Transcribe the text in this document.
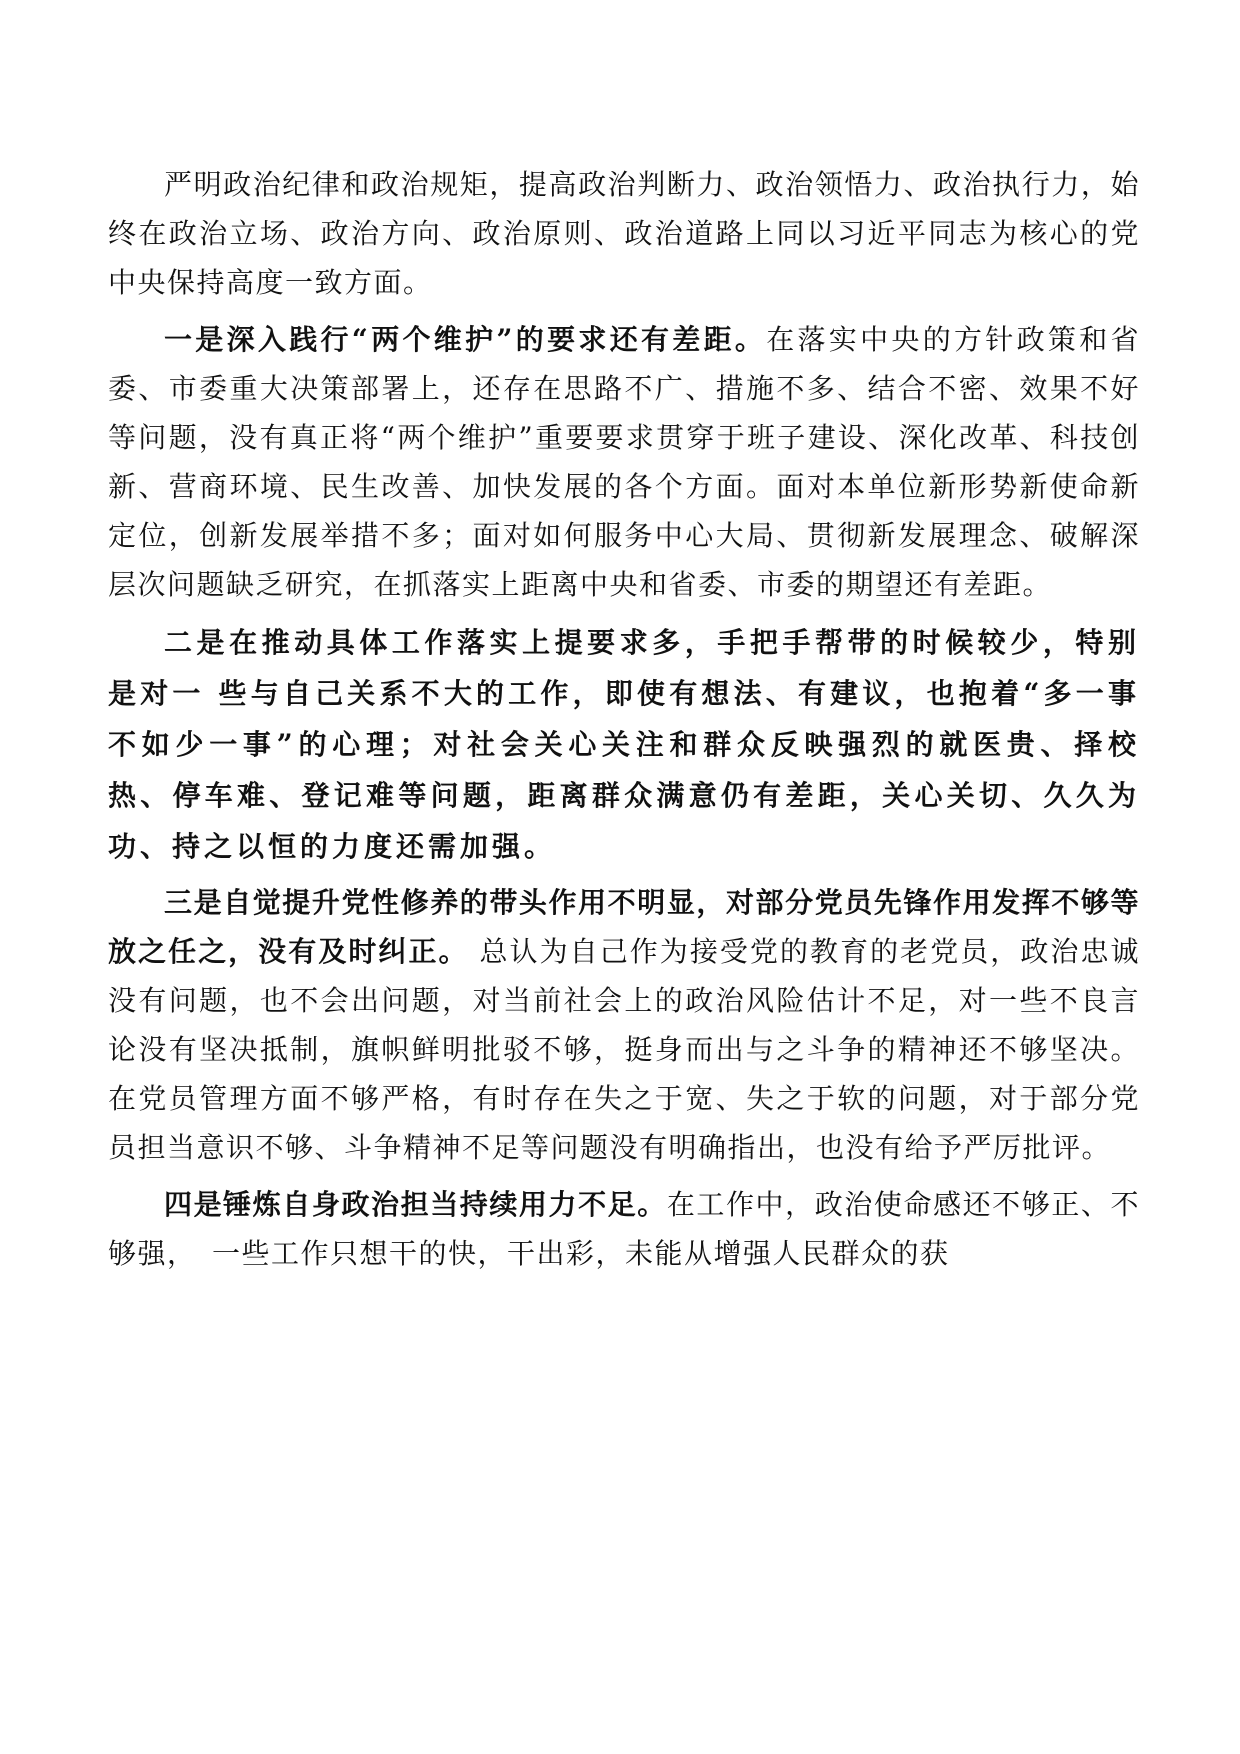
严明政治纪律和政治规矩，提高政治判断力、政治领悟力、政治执行力，始终在政治立场、政治方向、政治原则、政治道路上同以习近平同志为核心的党中央保持高度一致方面。

一是深入践行“两个维护”的要求还有差距。在落实中央的方针政策和省委、市委重大决策部署上，还存在思路不广、措施不多、结合不密、效果不好等问题，没有真正将“两个维护”重要要求贯穿于班子建设、深化改革、科技创新、营商环境、民生改善、加快发展的各个方面。面对本单位新形势新使命新定位，创新发展举措不多；面对如何服务中心大局、贯彻新发展理念、破解深层次问题缺乏研究，在抓落实上距离中央和省委、市委的期望还有差距。

二是在推动具体工作落实上提要求多，手把手帮带的时候较少，特别是对一 些与自己关系不大的工作，即使有想法、有建议，也抱着“多一事不如少一事”的心理；对社会关心关注和群众反映强烈的就医贵、择校热、停车难、登记难等问题，距离群众满意仍有差距，关心关切、久久为功、持之以恒的力度还需加强。

三是自觉提升党性修养的带头作用不明显，对部分党员先锋作用发挥不够等放之任之，没有及时纠正。 总认为自己作为接受党的教育的老党员，政治忠诚没有问题，也不会出问题，对当前社会上的政治风险估计不足，对一些不良言论没有坚决抵制，旗帜鲜明批驳不够，挺身而出与之斗争的精神还不够坚决。在党员管理方面不够严格，有时存在失之于宽、失之于软的问题，对于部分党员担当意识不够、斗争精神不足等问题没有明确指出，也没有给予严厉批评。

四是锤炼自身政治担当持续用力不足。在工作中，政治使命感还不够正、不够强，　一些工作只想干的快，干出彩，未能从增强人民群众的获
